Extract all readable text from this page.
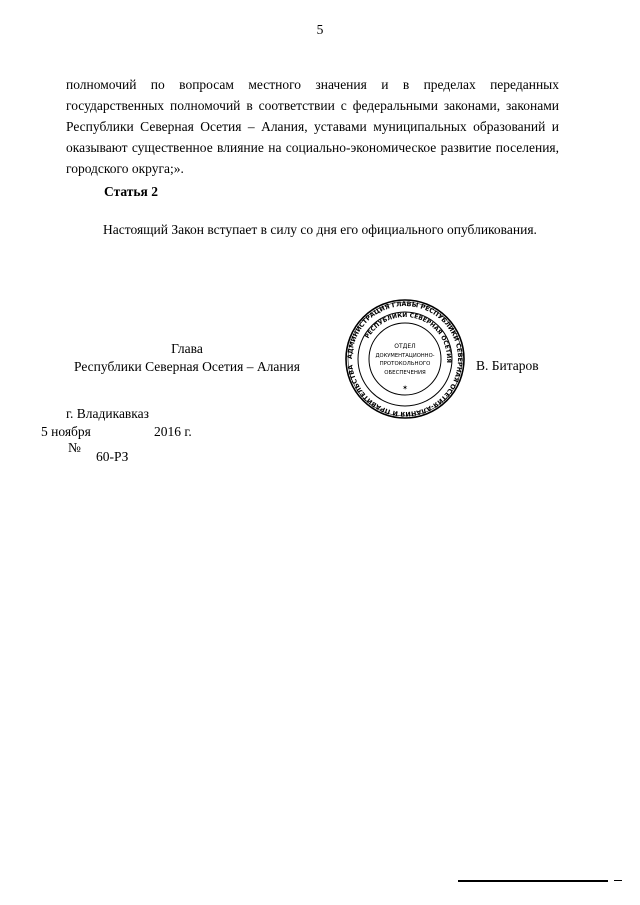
5
полномочий по вопросам местного значения и в пределах переданных государственных полномочий в соответствии с федеральными законами, законами Республики Северная Осетия – Алания, уставами муниципальных образований и оказывают существенное влияние на социально-экономическое развитие поселения, городского округа;».
Статья 2
Настоящий Закон вступает в силу со дня его официального опубликования.
Глава
Республики Северная Осетия – Алания
АДМИНИСТРАЦИЯ ГЛАВЫ РЕСПУБЛИКИ СЕВЕРНАЯ ОСЕТИЯ-АЛАНИЯ И ПРАВИТЕЛЬСТВА
РЕСПУБЛИКИ СЕВЕРНАЯ ОСЕТИЯ
ОТДЕЛ
ДОКУМЕНТАЦИОННО-
ПРОТОКОЛЬНОГО
ОБЕСПЕЧЕНИЯ
✶
В. Битаров
г. Владикавказ
5 ноября	2016 г.
№
60-РЗ
